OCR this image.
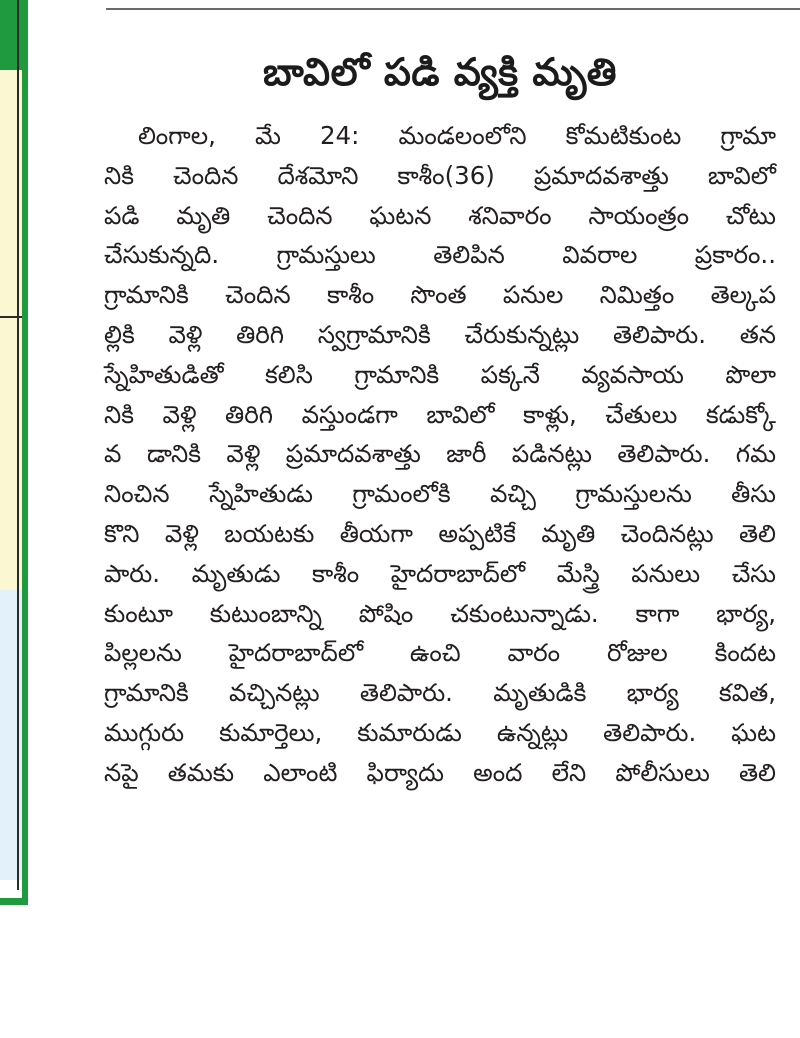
బావిలో పడి వ్యక్తి మృతి
లింగాల, మే 24: మండలంలోని కోమటికుంట గ్రామా
నికి చెందిన దేశమోని కాశీం(36) ప్రమాదవశాత్తు బావిలో
పడి మృతి చెందిన ఘటన శనివారం సాయంత్రం చోటు
చేసుకున్నది. గ్రామస్తులు తెలిపిన వివరాల ప్రకారం..
గ్రామానికి చెందిన కాశీం సొంత పనుల నిమిత్తం తెల్కప
ల్లికి వెళ్లి తిరిగి స్వగ్రామానికి చేరుకున్నట్లు తెలిపారు. తన
స్నేహితుడితో కలిసి గ్రామానికి పక్కనే వ్యవసాయ పొలా
నికి వెళ్లి తిరిగి వస్తుండగా బావిలో కాళ్లు, చేతులు కడుక్కో
వ డానికి వెళ్లి ప్రమాదవశాత్తు జారీ పడినట్లు తెలిపారు. గమ
నించిన స్నేహితుడు గ్రామంలోకి వచ్చి గ్రామస్తులను తీసు
కొని వెళ్లి బయటకు తీయగా అప్పటికే మృతి చెందినట్లు తెలి
పారు. మృతుడు కాశీం హైదరాబాద్‌లో మేస్త్రి పనులు చేసు
కుంటూ కుటుంబాన్ని పోషిం చకుంటున్నాడు. కాగా భార్య,
పిల్లలను హైదరాబాద్‌లో ఉంచి వారం రోజుల కిందట
గ్రామానికి వచ్చినట్లు తెలిపారు. మృతుడికి భార్య కవిత,
ముగ్గురు కుమార్తెలు, కుమారుడు ఉన్నట్లు తెలిపారు. ఘట
నపై తమకు ఎలాంటి ఫిర్యాదు అంద లేని పోలీసులు తెలి
